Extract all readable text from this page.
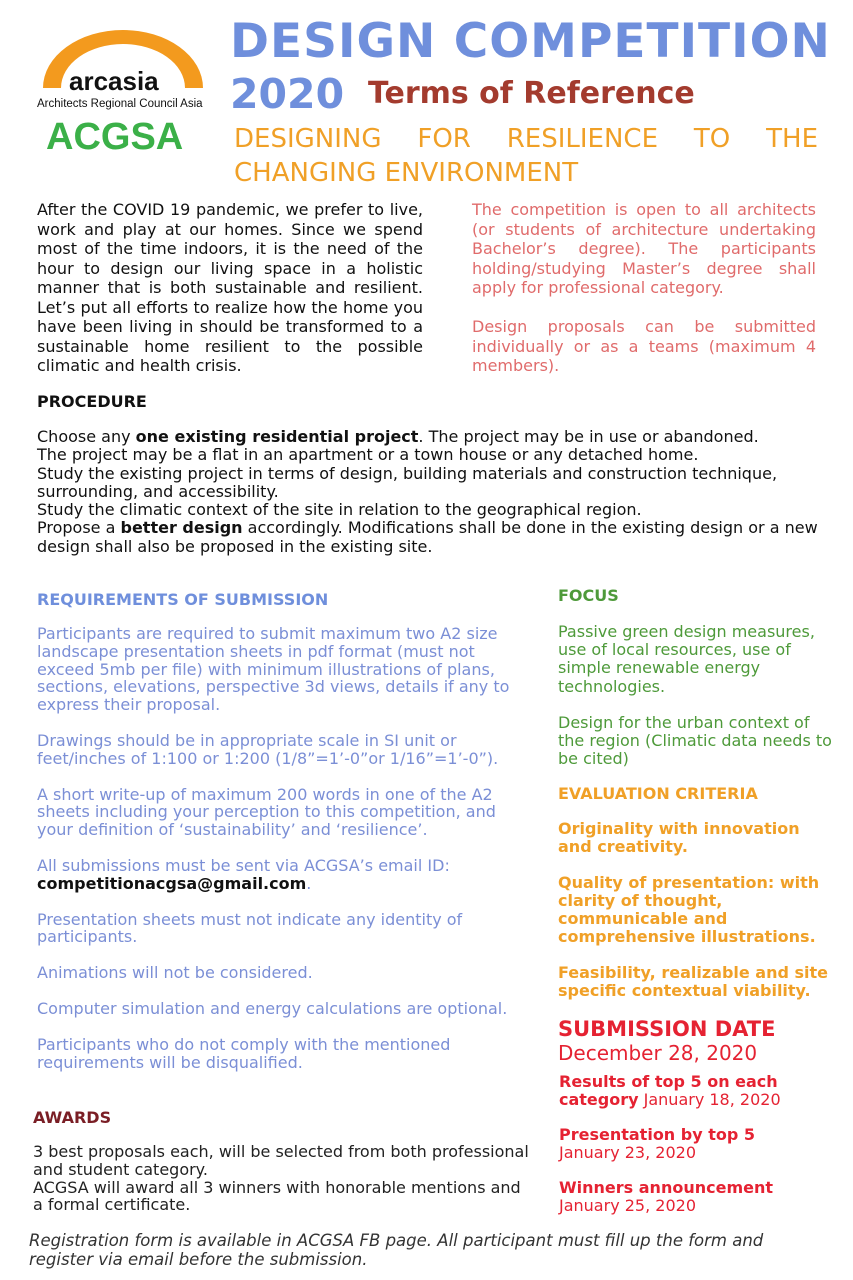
arcasia
Architects Regional Council Asia
ACGSA
DESIGN COMPETITION
2020 Terms of Reference
DESIGNING FOR RESILIENCE TO THE CHANGING ENVIRONMENT
After the COVID 19 pandemic, we prefer to live, work and play at our homes. Since we spend most of the time indoors, it is the need of the hour to design our living space in a holistic manner that is both sustainable and resilient. Let’s put all efforts to realize how the home you have been living in should be transformed to a sustainable home resilient to the possible climatic and health crisis.

The competition is open to all architects (or students of architecture undertaking Bachelor’s degree). The participants holding/studying Master’s degree shall apply for professional category.

Design proposals can be submitted individually or as a teams (maximum 4 members).

PROCEDURE

Choose any one existing residential project. The project may be in use or abandoned.

The project may be a flat in an apartment or a town house or any detached home.

Study the existing project in terms of design, building materials and construction technique, surrounding, and accessibility.

Study the climatic context of the site in relation to the geographical region.

Propose a better design accordingly. Modifications shall be done in the existing design or a new design shall also be proposed in the existing site.

REQUIREMENTS OF SUBMISSION

Participants are required to submit maximum two A2 size landscape presentation sheets in pdf format (must not exceed 5mb per file) with minimum illustrations of plans, sections, elevations, perspective 3d views, details if any to express their proposal.

Drawings should be in appropriate scale in SI unit or feet/inches of 1:100 or 1:200 (1/8”=1’-0”or 1/16”=1’-0”).

A short write-up of maximum 200 words in one of the A2 sheets including your perception to this competition, and your definition of ‘sustainability’ and ‘resilience’.

All submissions must be sent via ACGSA’s email ID:
competitionacgsa@gmail.com.

Presentation sheets must not indicate any identity of participants.

Animations will not be considered.

Computer simulation and energy calculations are optional.

Participants who do not comply with the mentioned requirements will be disqualified.

AWARDS

3 best proposals each, will be selected from both professional and student category.

ACGSA will award all 3 winners with honorable mentions and a formal certificate.

FOCUS

Passive green design measures, use of local resources, use of simple renewable energy technologies.

Design for the urban context of the region (Climatic data needs to be cited)

EVALUATION CRITERIA

Originality with innovation and creativity.

Quality of presentation: with clarity of thought, communicable and comprehensive illustrations.

Feasibility, realizable and site specific contextual viability.

SUBMISSION DATE
December 28, 2020

Results of top 5 on each category January 18, 2020

Presentation by top 5
January 23, 2020

Winners announcement
January 25, 2020

Registration form is available in ACGSA FB page. All participant must fill up the form and register via email before the submission.
